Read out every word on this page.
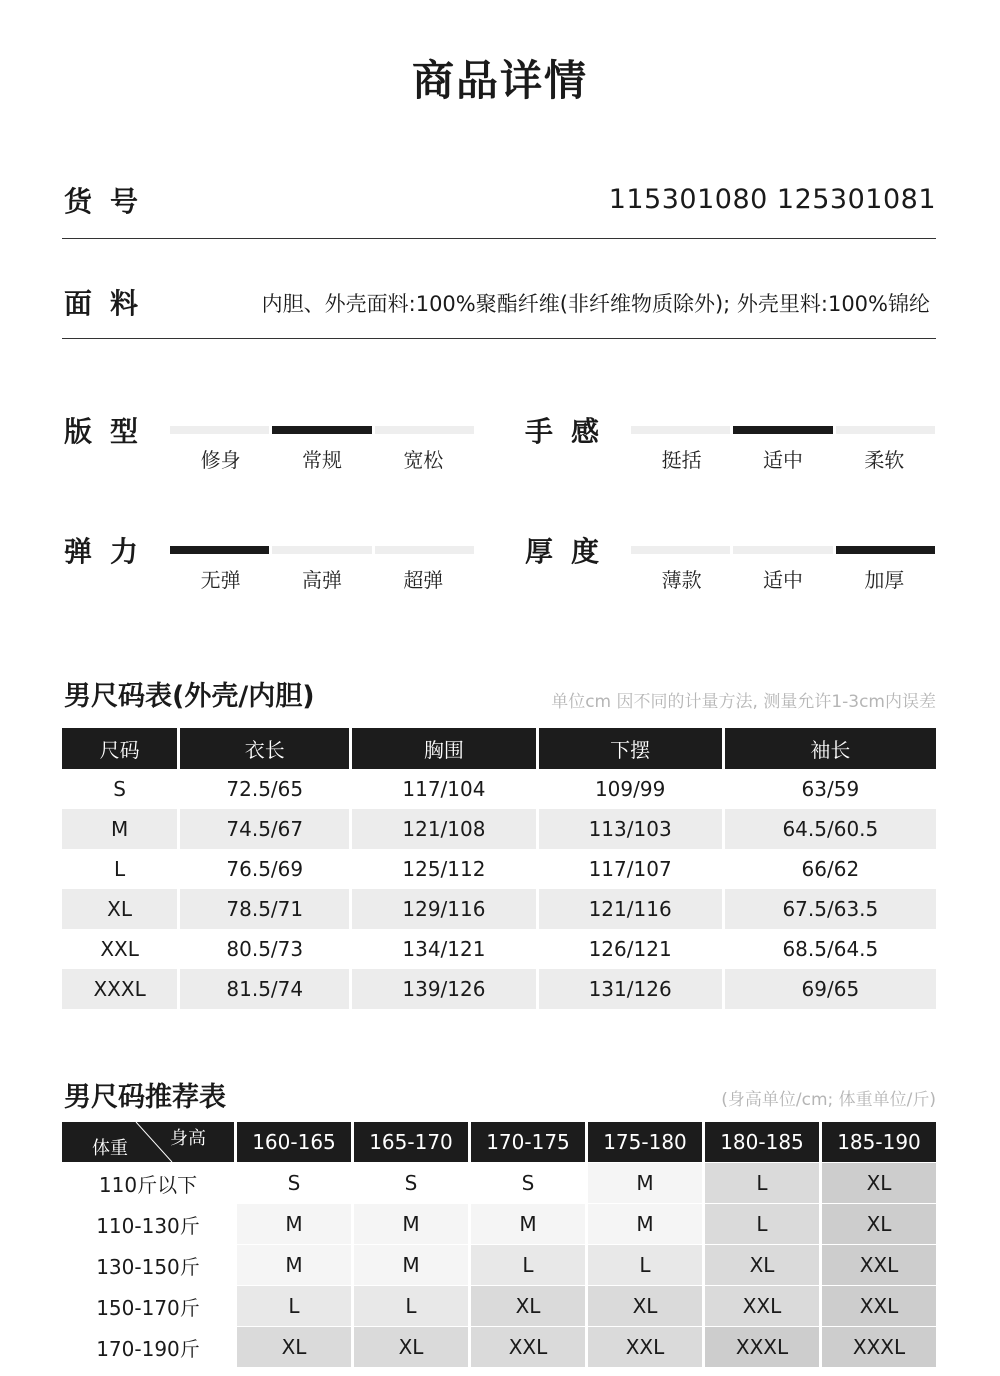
商品详情
货号	115301080 125301081
面料	内胆、外壳面料:100%聚酯纤维(非纤维物质除外); 外壳里料:100%锦纶
版型
修身	常规	宽松
手感
挺括	适中	柔软
弹力
无弹	高弹	超弹
厚度
薄款	适中	加厚
男尺码表(外壳/内胆)	单位cm 因不同的计量方法, 测量允许1-3cm内误差
尺码	衣长	胸围	下摆	袖长
S	72.5/65	117/104	109/99	63/59
M	74.5/67	121/108	113/103	64.5/60.5
L	76.5/69	125/112	117/107	66/62
XL	78.5/71	129/116	121/116	67.5/63.5
XXL	80.5/73	134/121	126/121	68.5/64.5
XXXL	81.5/74	139/126	131/126	69/65
男尺码推荐表	(身高单位/cm; 体重单位/斤)
体重 身高	160-165	165-170	170-175	175-180	180-185	185-190
110斤以下	S	S	S	M	L	XL
110-130斤	M	M	M	M	L	XL
130-150斤	M	M	L	L	XL	XXL
150-170斤	L	L	XL	XL	XXL	XXL
170-190斤	XL	XL	XXL	XXL	XXXL	XXXL
